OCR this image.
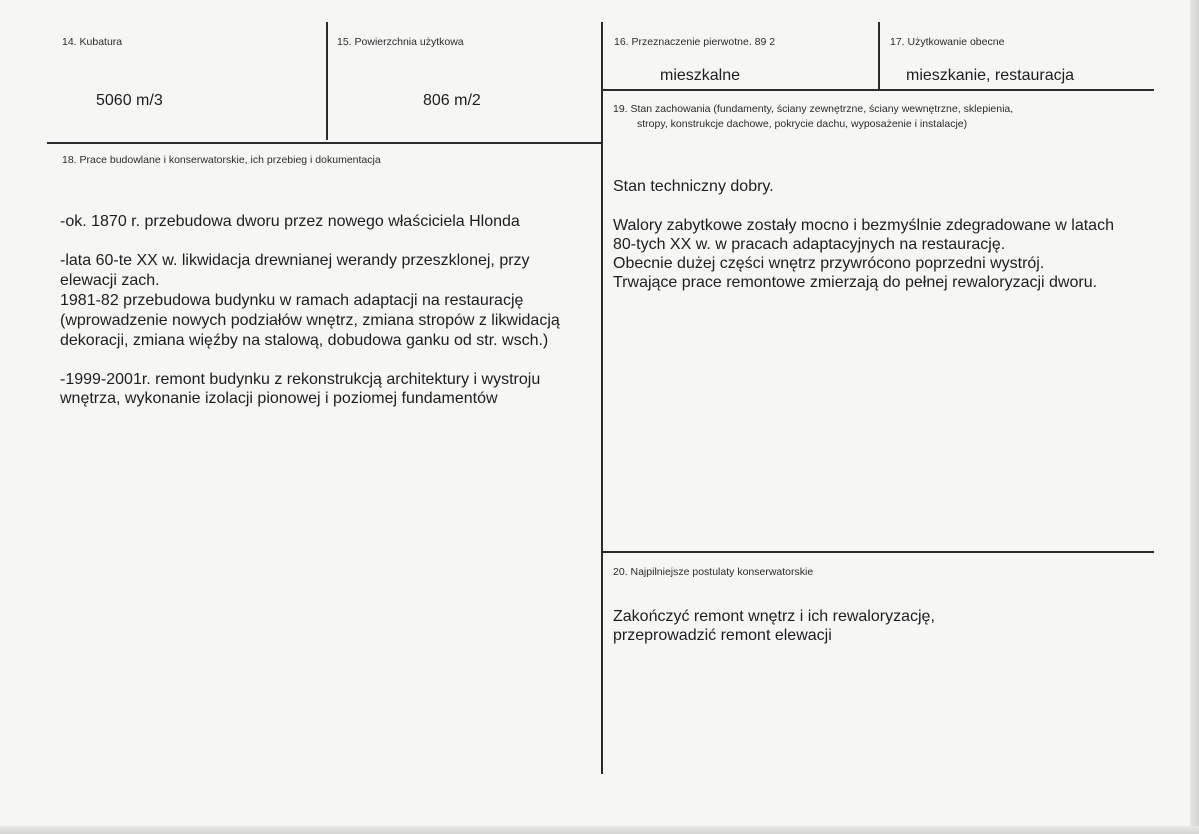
14. Kubatura
5060 m/3
15. Powierzchnia użytkowa
806 m/2
16. Przeznaczenie pierwotne. 89 2
mieszkalne
17. Użytkowanie obecne
mieszkanie, restauracja
19. Stan zachowania (fundamenty, ściany zewnętrzne, ściany wewnętrzne, sklepienia,
stropy, konstrukcje dachowe, pokrycie dachu, wyposażenie i instalacje)
Stan techniczny dobry.
Walory zabytkowe zostały mocno i bezmyślnie zdegradowane w latach
80-tych XX w. w pracach adaptacyjnych na restaurację.
Obecnie dużej części wnętrz przywrócono poprzedni wystrój.
Trwające prace remontowe zmierzają do pełnej rewaloryzacji dworu.
18. Prace budowlane i konserwatorskie, ich przebieg i dokumentacja
-ok. 1870 r. przebudowa dworu przez nowego właściciela Hlonda
-lata 60-te XX w. likwidacja drewnianej werandy przeszklonej, przy
elewacji zach.
1981-82 przebudowa budynku w ramach adaptacji na restaurację
(wprowadzenie nowych podziałów wnętrz, zmiana stropów z likwidacją
dekoracji, zmiana więźby na stalową, dobudowa ganku od str. wsch.)
-1999-2001r. remont budynku z rekonstrukcją architektury i wystroju
wnętrza, wykonanie izolacji pionowej i poziomej fundamentów
20. Najpilniejsze postulaty konserwatorskie
Zakończyć remont wnętrz i ich rewaloryzację,
przeprowadzić remont elewacji
